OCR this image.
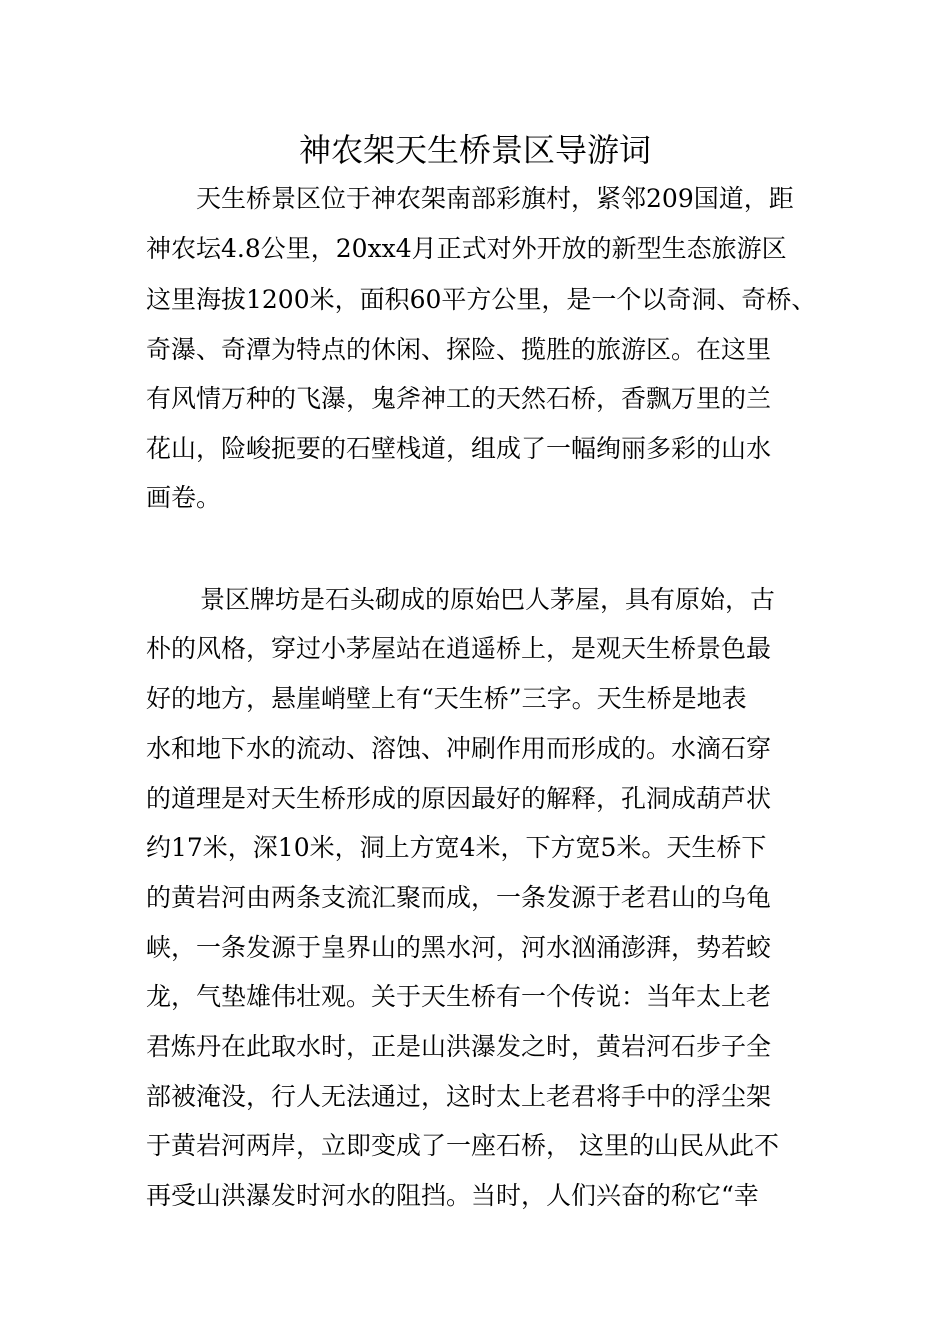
神农架天生桥景区导游词
天生桥景区位于神农架南部彩旗村，紧邻209国道，距
神农坛4.8公里，20xx4月正式对外开放的新型生态旅游区
这里海拔1200米，面积60平方公里，是一个以奇洞、奇桥、
奇瀑、奇潭为特点的休闲、探险、揽胜的旅游区。在这里
有风情万种的飞瀑，鬼斧神工的天然石桥，香飘万里的兰
花山，险峻扼要的石壁栈道，组成了一幅绚丽多彩的山水
画卷。
景区牌坊是石头砌成的原始巴人茅屋，具有原始，古
朴的风格，穿过小茅屋站在逍遥桥上，是观天生桥景色最
好的地方，悬崖峭壁上有“天生桥”三字。天生桥是地表
水和地下水的流动、溶蚀、冲刷作用而形成的。水滴石穿
的道理是对天生桥形成的原因最好的解释，孔洞成葫芦状
约17米，深10米，洞上方宽4米，下方宽5米。天生桥下
的黄岩河由两条支流汇聚而成，一条发源于老君山的乌龟
峡，一条发源于皇界山的黑水河，河水汹涌澎湃，势若蛟
龙，气垫雄伟壮观。关于天生桥有一个传说：当年太上老
君炼丹在此取水时，正是山洪瀑发之时，黄岩河石步子全
部被淹没，行人无法通过，这时太上老君将手中的浮尘架
于黄岩河两岸，立即变成了一座石桥， 这里的山民从此不
再受山洪瀑发时河水的阻挡。当时，人们兴奋的称它“幸
